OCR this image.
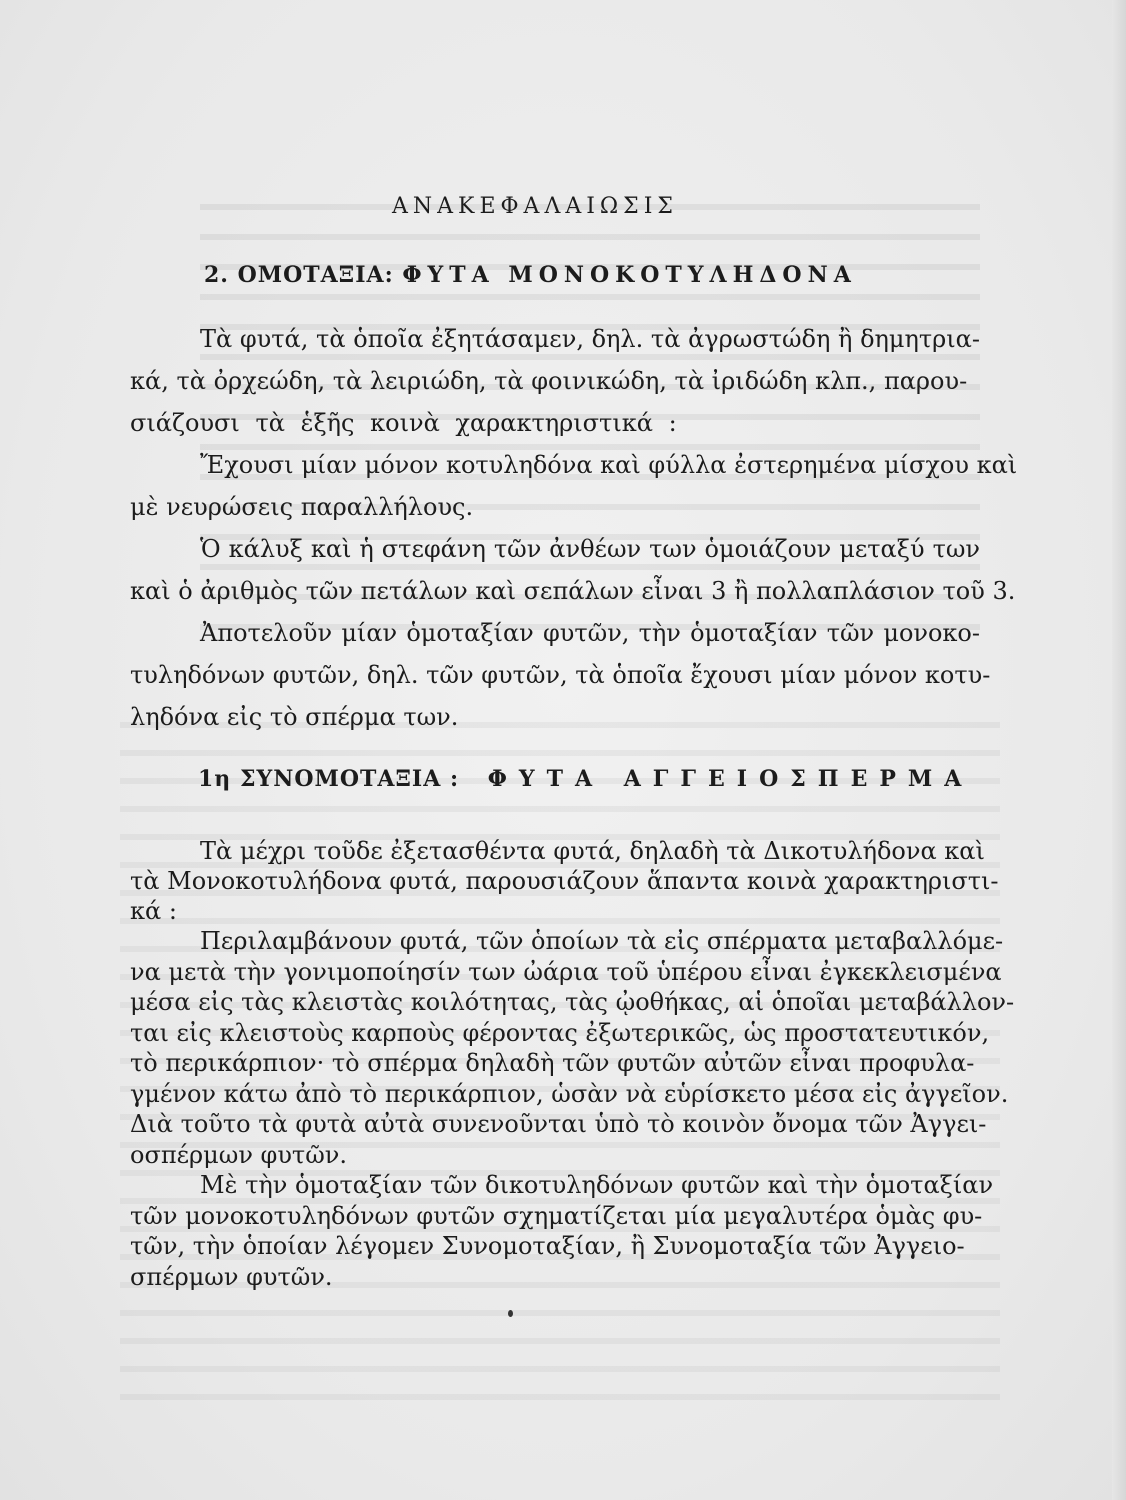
ΑΝΑΚΕΦΑΛΑΙΩΣΙΣ
2. ΟΜΟΤΑΞΙΑ: ΦΥΤΑ ΜΟΝΟΚΟΤΥΛΗΔΟΝΑ
Τὰ φυτά, τὰ ὁποῖα ἐξητάσαμεν, δηλ. τὰ ἀγρωστώδη ἢ δημητρια-
κά, τὰ ὀρχεώδη, τὰ λειριώδη, τὰ φοινικώδη, τὰ ἰριδώδη κλπ., παρου-
σιάζουσι τὰ ἑξῆς κοινὰ χαρακτηριστικά :
Ἔχουσι μίαν μόνον κοτυληδόνα καὶ φύλλα ἐστερημένα μίσχου καὶ
μὲ νευρώσεις παραλλήλους.
Ὁ κάλυξ καὶ ἡ στεφάνη τῶν ἀνθέων των ὁμοιάζουν μεταξύ των
καὶ ὁ ἀριθμὸς τῶν πετάλων καὶ σεπάλων εἶναι 3 ἢ πολλαπλάσιον τοῦ 3.
Ἀποτελοῦν μίαν ὁμοταξίαν φυτῶν, τὴν ὁμοταξίαν τῶν μονοκο-
τυληδόνων φυτῶν, δηλ. τῶν φυτῶν, τὰ ὁποῖα ἔχουσι μίαν μόνον κοτυ-
ληδόνα εἰς τὸ σπέρμα των.
1η ΣΥΝΟΜΟΤΑΞΙΑ : ΦΥΤΑ ΑΓΓΕΙΟΣΠΕΡΜΑ
Τὰ μέχρι τοῦδε ἐξετασθέντα φυτά, δηλαδὴ τὰ Δικοτυλήδονα καὶ
τὰ Μονοκοτυλήδονα φυτά, παρουσιάζουν ἅπαντα κοινὰ χαρακτηριστι-
κά :
Περιλαμβάνουν φυτά, τῶν ὁποίων τὰ εἰς σπέρματα μεταβαλλόμε-
να μετὰ τὴν γονιμοποίησίν των ὠάρια τοῦ ὑπέρου εἶναι ἐγκεκλεισμένα
μέσα εἰς τὰς κλειστὰς κοιλότητας, τὰς ᾠοθήκας, αἱ ὁποῖαι μεταβάλλον-
ται εἰς κλειστοὺς καρποὺς φέροντας ἐξωτερικῶς, ὡς προστατευτικόν,
τὸ περικάρπιον· τὸ σπέρμα δηλαδὴ τῶν φυτῶν αὐτῶν εἶναι προφυλα-
γμένον κάτω ἀπὸ τὸ περικάρπιον, ὡσὰν νὰ εὑρίσκετο μέσα εἰς ἀγγεῖον.
Διὰ τοῦτο τὰ φυτὰ αὐτὰ συνενοῦνται ὑπὸ τὸ κοινὸν ὄνομα τῶν Ἀγγει-
οσπέρμων φυτῶν.
Μὲ τὴν ὁμοταξίαν τῶν δικοτυληδόνων φυτῶν καὶ τὴν ὁμοταξίαν
τῶν μονοκοτυληδόνων φυτῶν σχηματίζεται μία μεγαλυτέρα ὁμὰς φυ-
τῶν, τὴν ὁποίαν λέγομεν Συνομοταξίαν, ἢ Συνομοταξία τῶν Ἀγγειο-
σπέρμων φυτῶν.
